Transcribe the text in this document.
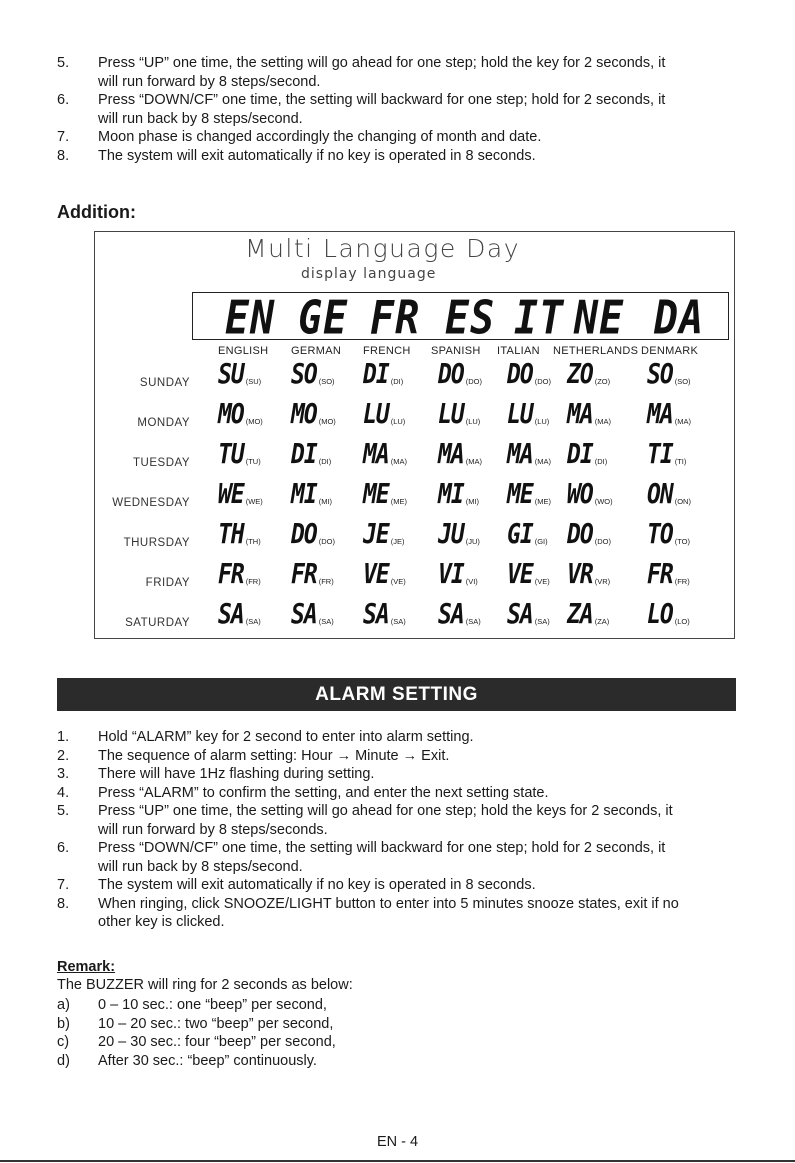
5. Press “UP” one time, the setting will go ahead for one step; hold the key for 2 seconds, it
will run forward by 8 steps/second.
6. Press “DOWN/CF” one time, the setting will backward for one step; hold for 2 seconds, it
will run back by 8 steps/second.
7. Moon phase is changed accordingly the changing of month and date.
8. The system will exit automatically if no key is operated in 8 seconds.
Addition:
Multi Language Day
display language
EN GE FR ES IT NE DA
ENGLISH GERMAN FRENCH SPANISH ITALIAN NETHERLANDS DENMARK
SUNDAY SU (SU) SO (SO) DI (DI) DO (DO) DO (DO) ZO (ZO) SO (SO)
MONDAY MO (MO) MO (MO) LU (LU) LU (LU) LU (LU) MA (MA) MA (MA)
TUESDAY TU (TU) DI (DI) MA (MA) MA (MA) MA (MA) DI (DI) TI (TI)
WEDNESDAY WE (WE) MI (MI) ME (ME) MI (MI) ME (ME) WO (WO) ON (ON)
THURSDAY TH (TH) DO (DO) JE (JE) JU (JU) GI (GI) DO (DO) TO (TO)
FRIDAY FR (FR) FR (FR) VE (VE) VI (VI) VE (VE) VR (VR) FR (FR)
SATURDAY SA (SA) SA (SA) SA (SA) SA (SA) SA (SA) ZA (ZA) LO (LO)
ALARM SETTING
1. Hold “ALARM” key for 2 second to enter into alarm setting.
2. The sequence of alarm setting: Hour → Minute → Exit.
3. There will have 1Hz flashing during setting.
4. Press “ALARM” to confirm the setting, and enter the next setting state.
5. Press “UP” one time, the setting will go ahead for one step; hold the keys for 2 seconds, it
will run forward by 8 steps/seconds.
6. Press “DOWN/CF” one time, the setting will backward for one step; hold for 2 seconds, it
will run back by 8 steps/second.
7. The system will exit automatically if no key is operated in 8 seconds.
8. When ringing, click SNOOZE/LIGHT button to enter into 5 minutes snooze states, exit if no
other key is clicked.
Remark:
The BUZZER will ring for 2 seconds as below:
a) 0 – 10 sec.: one “beep” per second,
b) 10 – 20 sec.: two “beep” per second,
c) 20 – 30 sec.: four “beep” per second,
d) After 30 sec.: “beep” continuously.
EN - 4
